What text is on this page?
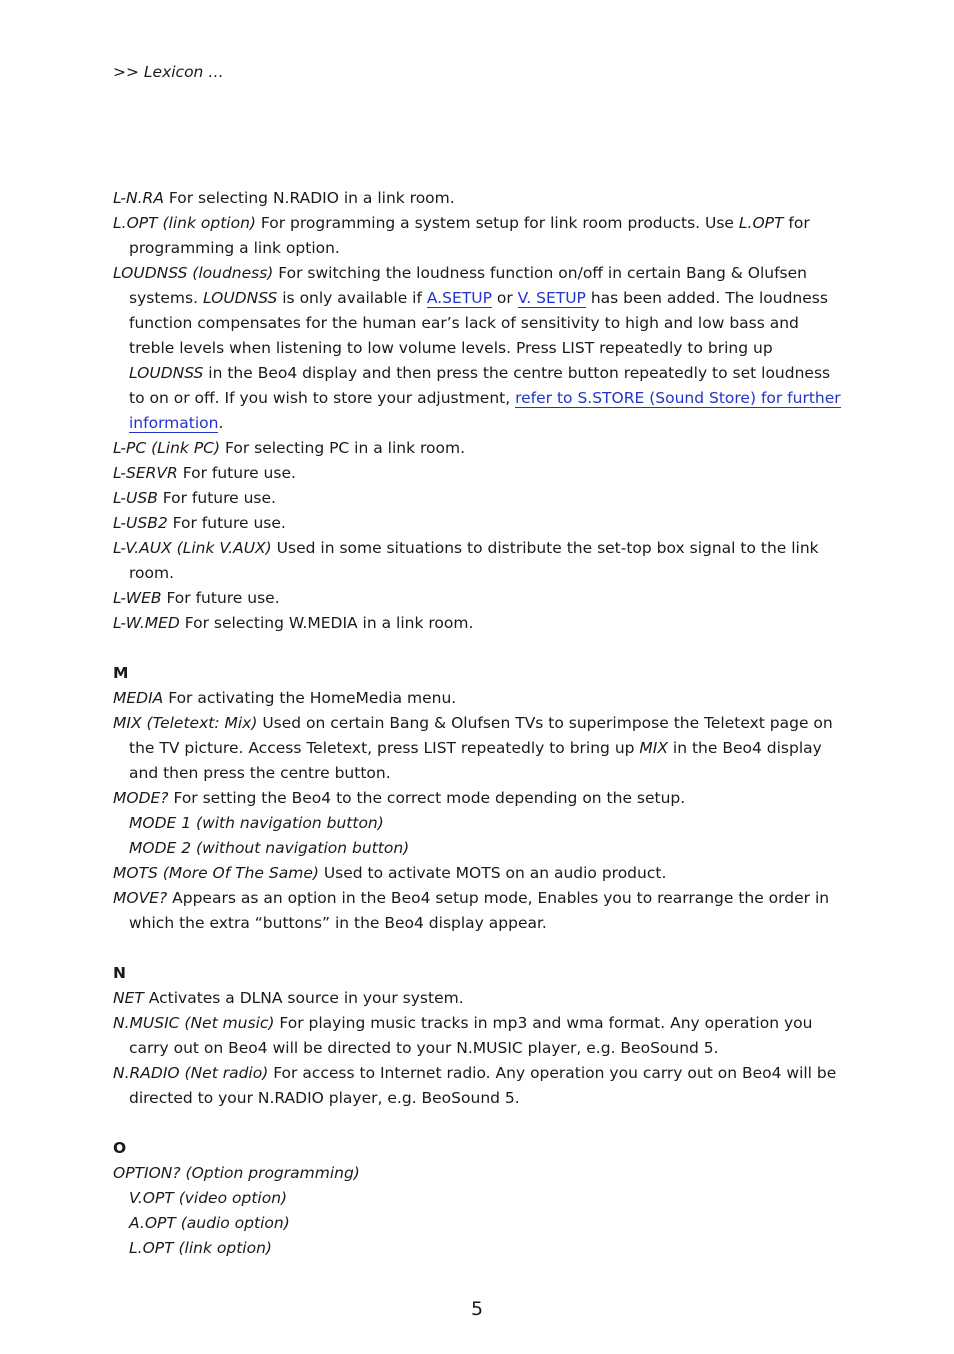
>> Lexicon …

L-N.RA For selecting N.RADIO in a link room.

L.OPT (link option) For programming a system setup for link room products. Use L.OPT for programming a link option.

LOUDNSS (loudness) For switching the loudness function on/off in certain Bang & Olufsen systems. LOUDNSS is only available if A.SETUP or V. SETUP has been added. The loudness function compensates for the human ear’s lack of sensitivity to high and low bass and treble levels when listening to low volume levels. Press LIST repeatedly to bring up LOUDNSS in the Beo4 display and then press the centre button repeatedly to set loudness to on or off. If you wish to store your adjustment, refer to S.STORE (Sound Store) for further information.

L-PC (Link PC) For selecting PC in a link room.

L-SERVR For future use.

L-USB For future use.

L-USB2 For future use.

L-V.AUX (Link V.AUX) Used in some situations to distribute the set-top box signal to the link room.

L-WEB For future use.

L-W.MED For selecting W.MEDIA in a link room.

M

MEDIA For activating the HomeMedia menu.

MIX (Teletext: Mix) Used on certain Bang & Olufsen TVs to superimpose the Teletext page on the TV picture. Access Teletext, press LIST repeatedly to bring up MIX in the Beo4 display and then press the centre button.

MODE? For setting the Beo4 to the correct mode depending on the setup.

MODE 1 (with navigation button)

MODE 2 (without navigation button)

MOTS (More Of The Same) Used to activate MOTS on an audio product.

MOVE? Appears as an option in the Beo4 setup mode, Enables you to rearrange the order in which the extra “buttons” in the Beo4 display appear.

N

NET Activates a DLNA source in your system.

N.MUSIC (Net music) For playing music tracks in mp3 and wma format. Any operation you carry out on Beo4 will be directed to your N.MUSIC player, e.g. BeoSound 5.

N.RADIO (Net radio) For access to Internet radio. Any operation you carry out on Beo4 will be directed to your N.RADIO player, e.g. BeoSound 5.

O

OPTION? (Option programming)

V.OPT (video option)

A.OPT (audio option)

L.OPT (link option)

5
